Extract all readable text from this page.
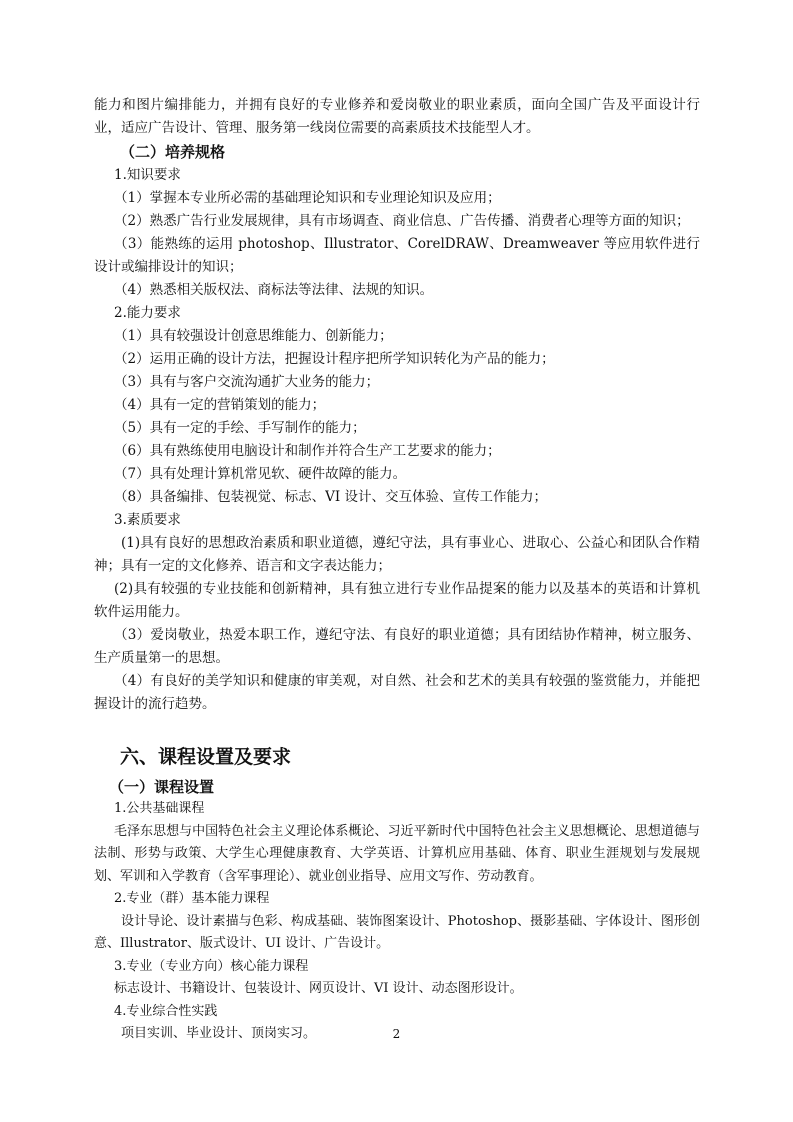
能力和图片编排能力，并拥有良好的专业修养和爱岗敬业的职业素质，面向全国广告及平面设计行业，适应广告设计、管理、服务第一线岗位需要的高素质技术技能型人才。

（二）培养规格

1.知识要求

（1）掌握本专业所必需的基础理论知识和专业理论知识及应用；

（2）熟悉广告行业发展规律，具有市场调查、商业信息、广告传播、消费者心理等方面的知识；

（3）能熟练的运用 photoshop、Illustrator、CorelDRAW、Dreamweaver 等应用软件进行设计或编排设计的知识；

（4）熟悉相关版权法、商标法等法律、法规的知识。

2.能力要求

（1）具有较强设计创意思维能力、创新能力；

（2）运用正确的设计方法，把握设计程序把所学知识转化为产品的能力；

（3）具有与客户交流沟通扩大业务的能力；

（4）具有一定的营销策划的能力；

（5）具有一定的手绘、手写制作的能力；

（6）具有熟练使用电脑设计和制作并符合生产工艺要求的能力；

（7）具有处理计算机常见软、硬件故障的能力。

（8）具备编排、包装视觉、标志、VI 设计、交互体验、宣传工作能力；

3.素质要求

(1)具有良好的思想政治素质和职业道德，遵纪守法，具有事业心、进取心、公益心和团队合作精神；具有一定的文化修养、语言和文字表达能力；

(2)具有较强的专业技能和创新精神，具有独立进行专业作品提案的能力以及基本的英语和计算机软件运用能力。

（3）爱岗敬业，热爱本职工作，遵纪守法、有良好的职业道德；具有团结协作精神，树立服务、生产质量第一的思想。

（4）有良好的美学知识和健康的审美观，对自然、社会和艺术的美具有较强的鉴赏能力，并能把握设计的流行趋势。

六、课程设置及要求

（一）课程设置

1.公共基础课程

毛泽东思想与中国特色社会主义理论体系概论、习近平新时代中国特色社会主义思想概论、思想道德与法制、形势与政策、大学生心理健康教育、大学英语、计算机应用基础、体育、职业生涯规划与发展规划、军训和入学教育（含军事理论）、就业创业指导、应用文写作、劳动教育。

2.专业（群）基本能力课程

设计导论、设计素描与色彩、构成基础、装饰图案设计、Photoshop、摄影基础、字体设计、图形创意、Illustrator、版式设计、UI 设计、广告设计。

3.专业（专业方向）核心能力课程

标志设计、书籍设计、包装设计、网页设计、VI 设计、动态图形设计。

4.专业综合性实践

项目实训、毕业设计、顶岗实习。	2
